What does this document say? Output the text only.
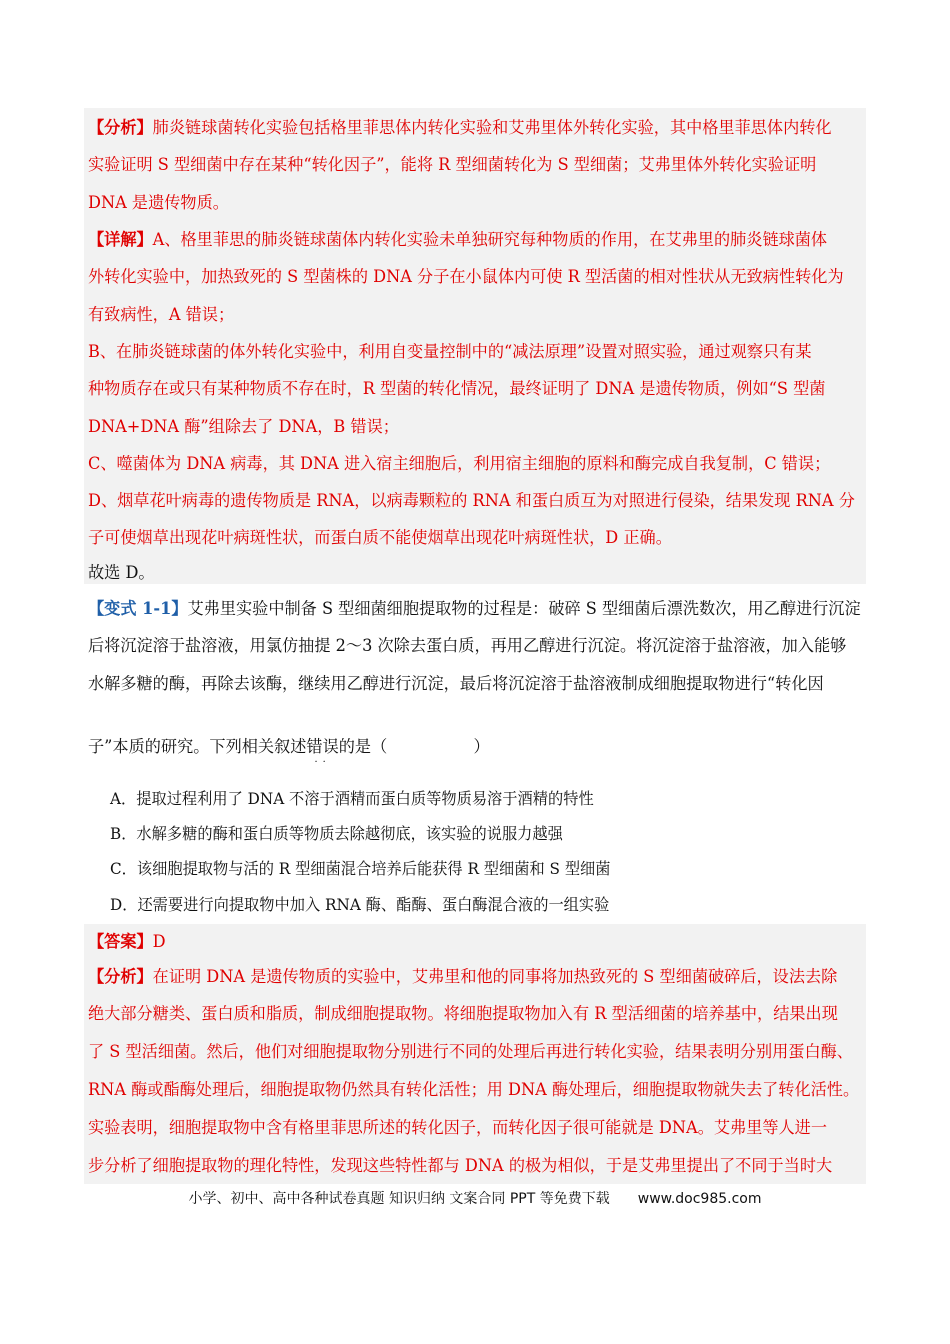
【分析】肺炎链球菌转化实验包括格里菲思体内转化实验和艾弗里体外转化实验，其中格里菲思体内转化
实验证明 S 型细菌中存在某种“转化因子”，能将 R 型细菌转化为 S 型细菌；艾弗里体外转化实验证明
DNA 是遗传物质。
【详解】A、格里菲思的肺炎链球菌体内转化实验未单独研究每种物质的作用，在艾弗里的肺炎链球菌体
外转化实验中，加热致死的 S 型菌株的 DNA 分子在小鼠体内可使 R 型活菌的相对性状从无致病性转化为
有致病性，A 错误；
B、在肺炎链球菌的体外转化实验中，利用自变量控制中的“减法原理”设置对照实验，通过观察只有某
种物质存在或只有某种物质不存在时，R 型菌的转化情况，最终证明了 DNA 是遗传物质，例如“S 型菌
DNA+DNA 酶”组除去了 DNA，B 错误；
C、噬菌体为 DNA 病毒，其 DNA 进入宿主细胞后，利用宿主细胞的原料和酶完成自我复制，C 错误；
D、烟草花叶病毒的遗传物质是 RNA，以病毒颗粒的 RNA 和蛋白质互为对照进行侵染，结果发现 RNA 分
子可使烟草出现花叶病斑性状，而蛋白质不能使烟草出现花叶病斑性状，D 正确。
故选 D。
【变式 1-1】艾弗里实验中制备 S 型细菌细胞提取物的过程是：破碎 S 型细菌后漂洗数次，用乙醇进行沉淀
后将沉淀溶于盐溶液，用氯仿抽提 2～3 次除去蛋白质，再用乙醇进行沉淀。将沉淀溶于盐溶液，加入能够
水解多糖的酶，再除去该酶，继续用乙醇进行沉淀，最后将沉淀溶于盐溶液制成细胞提取物进行“转化因
子”本质的研究。下列相关叙述错误
··
的是（	）
A．提取过程利用了 DNA 不溶于酒精而蛋白质等物质易溶于酒精的特性
B．水解多糖的酶和蛋白质等物质去除越彻底，该实验的说服力越强
C．该细胞提取物与活的 R 型细菌混合培养后能获得 R 型细菌和 S 型细菌
D．还需要进行向提取物中加入 RNA 酶、酯酶、蛋白酶混合液的一组实验
【答案】D
【分析】在证明 DNA 是遗传物质的实验中，艾弗里和他的同事将加热致死的 S 型细菌破碎后，设法去除
绝大部分糖类、蛋白质和脂质，制成细胞提取物。将细胞提取物加入有 R 型活细菌的培养基中，结果出现
了 S 型活细菌。然后，他们对细胞提取物分别进行不同的处理后再进行转化实验，结果表明分别用蛋白酶、
RNA 酶或酯酶处理后，细胞提取物仍然具有转化活性；用 DNA 酶处理后，细胞提取物就失去了转化活性。
实验表明，细胞提取物中含有格里菲思所述的转化因子，而转化因子很可能就是 DNA。艾弗里等人进一
步分析了细胞提取物的理化特性，发现这些特性都与 DNA 的极为相似，于是艾弗里提出了不同于当时大
小学、初中、高中各种试卷真题 知识归纳 文案合同 PPT 等免费下载 www.doc985.com
